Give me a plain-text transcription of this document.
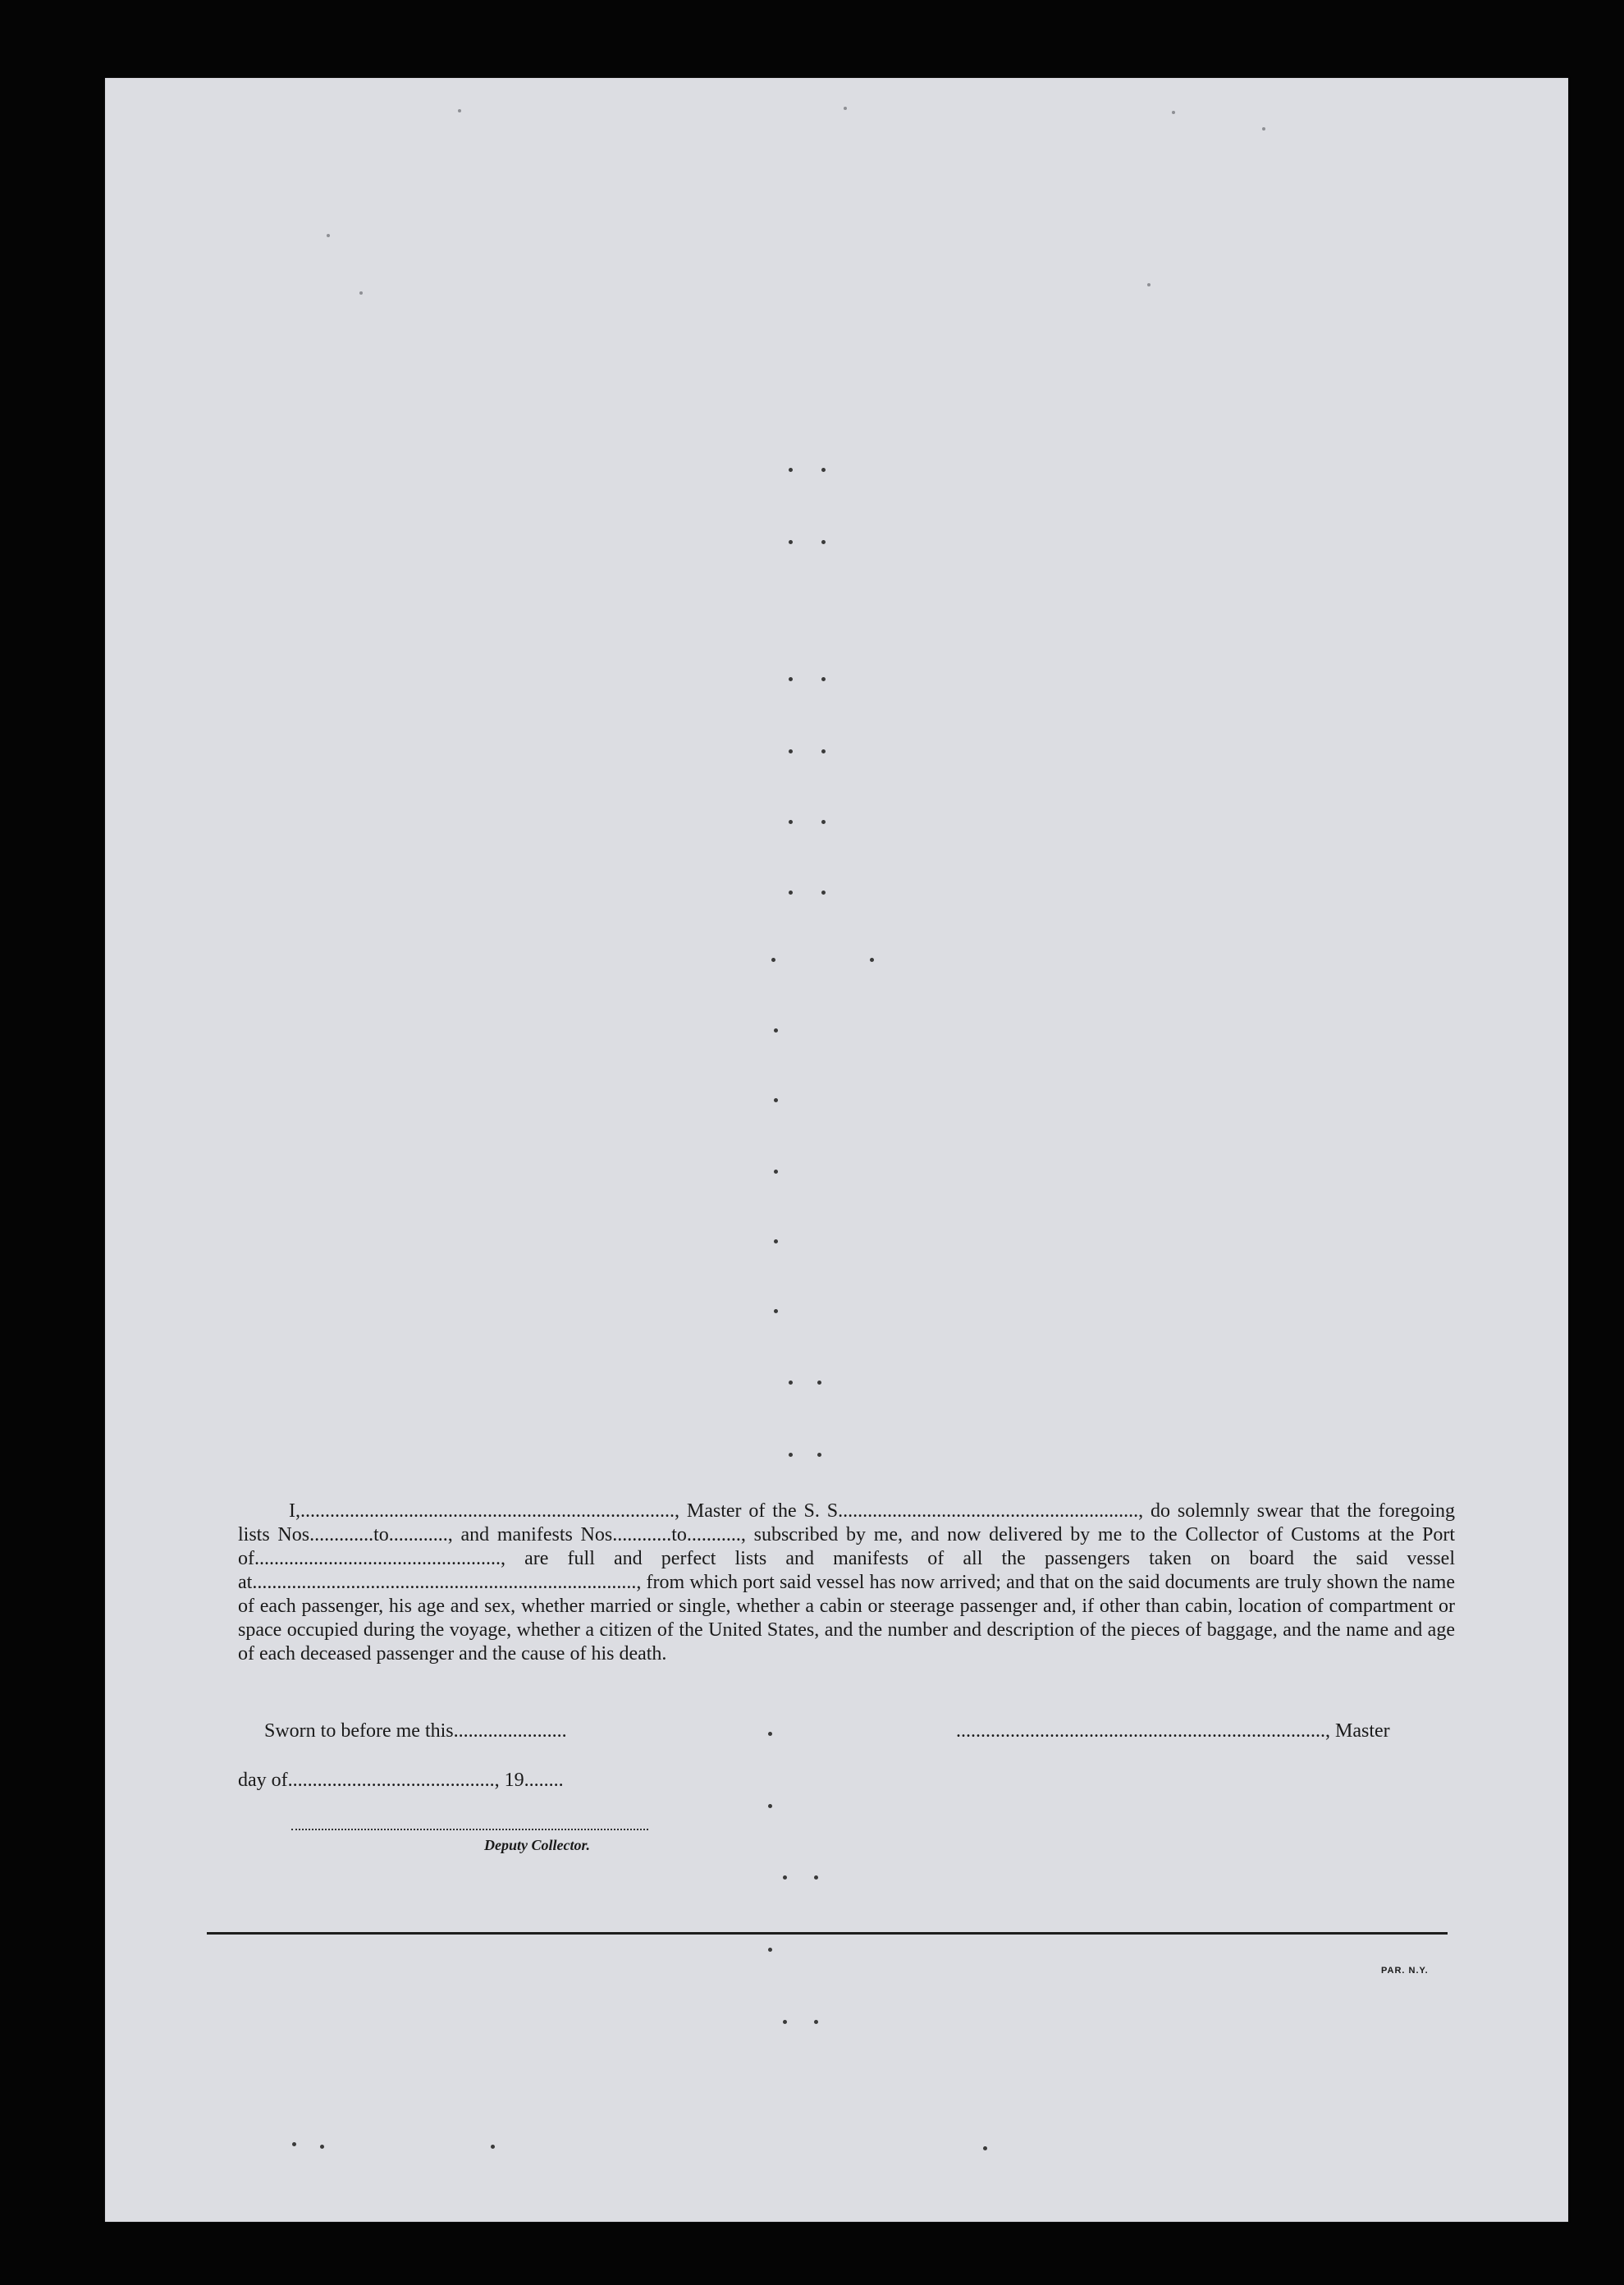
I,............................................................................, Master of the S. S............................................................., do solemnly swear that the foregoing lists Nos.............to............, and manifests Nos............to..........., subscribed by me, and now delivered by me to the Collector of Customs at the Port of.................................................., are full and perfect lists and manifests of all the passengers taken on board the said vessel at.............................................................................., from which port said vessel has now arrived; and that on the said documents are truly shown the name of each passenger, his age and sex, whether married or single, whether a cabin or steerage passenger and, if other than cabin, location of compartment or space occupied during the voyage, whether a citizen of the United States, and the number and description of the pieces of baggage, and the name and age of each deceased passenger and the cause of his death.

Sworn to before me this.......................	..........................................................................., Master
day of.........................................., 19........
Deputy Collector.
PAR. N.Y.
